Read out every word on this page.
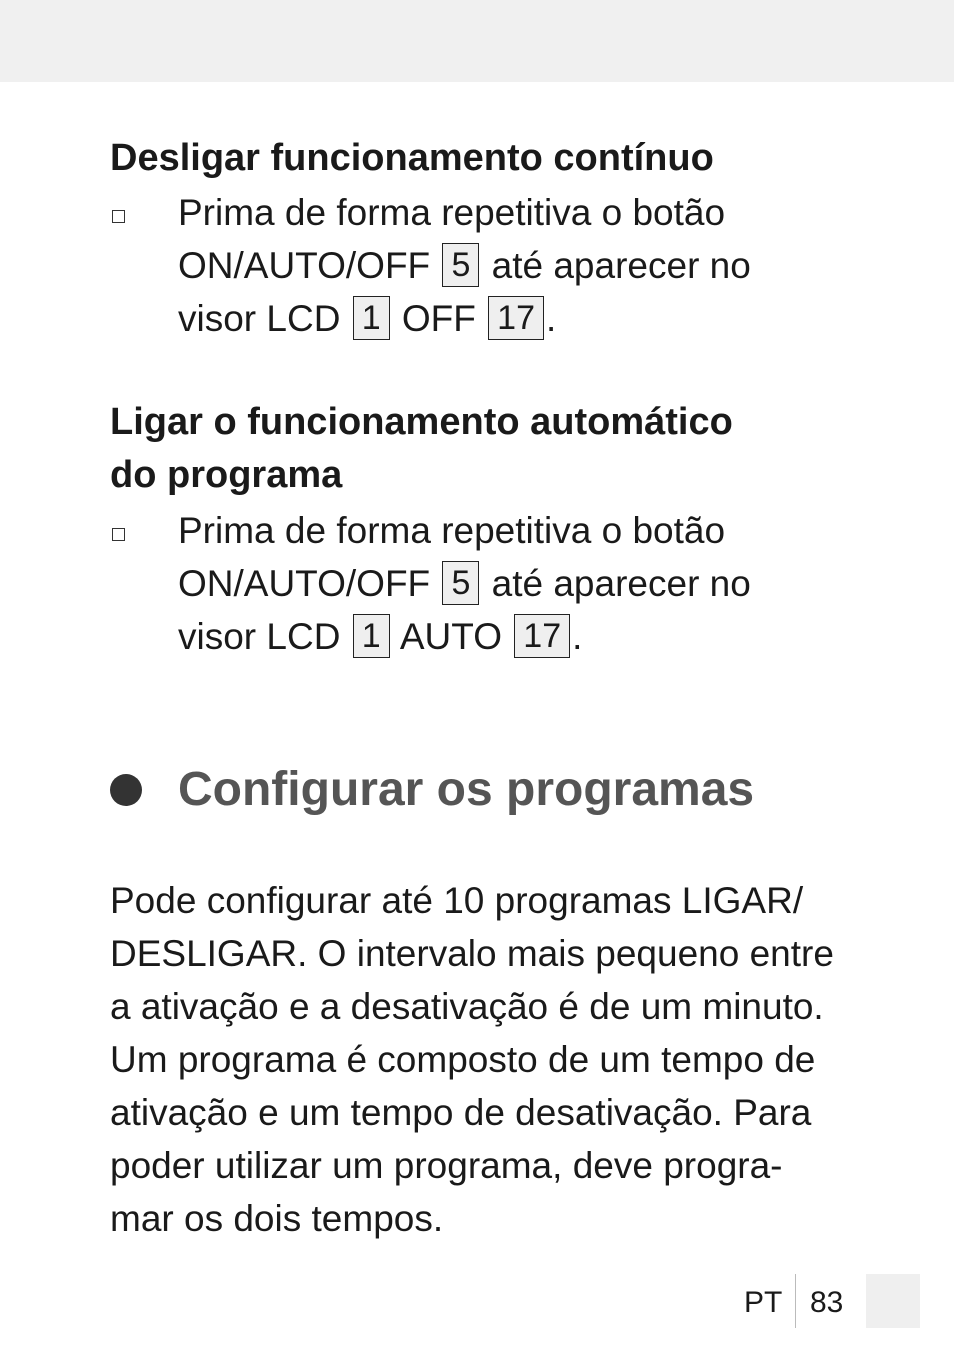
Desligar funcionamento contínuo
Prima de forma repetitiva o botão
ON/AUTO/OFF 5 até aparecer no
visor LCD 1 OFF 17 .
Ligar o funcionamento automático
do programa
Prima de forma repetitiva o botão
ON/AUTO/OFF 5 até aparecer no
visor LCD 1 AUTO 17 .
Configurar os programas
Pode configurar até 10 programas LIGAR/
DESLIGAR. O intervalo mais pequeno entre
a ativação e a desativação é de um minuto.
Um programa é composto de um tempo de
ativação e um tempo de desativação. Para
poder utilizar um programa, deve progra-
mar os dois tempos.
PT 83
